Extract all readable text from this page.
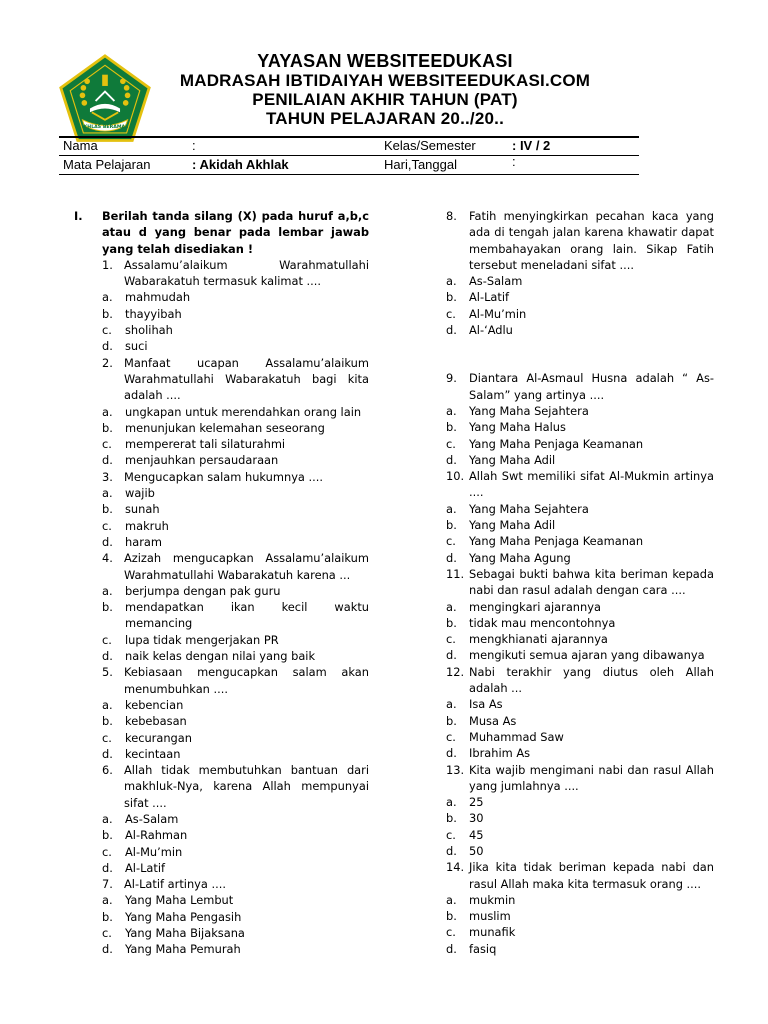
IKHLAS BERAMAL
YAYASAN WEBSITEEDUKASI
MADRASAH IBTIDAIYAH WEBSITEEDUKASI.COM
PENILAIAN AKHIR TAHUN (PAT)
TAHUN PELAJARAN 20../20..
Nama	:	Kelas/Semester	: IV / 2
Mata Pelajaran	: Akidah Akhlak	Hari,Tanggal	:
I. Berilah tanda silang (X) pada huruf a,b,c atau d yang benar pada lembar jawab yang telah disediakan !
1. Assalamu’alaikum Warahmatullahi Wabarakatuh termasuk kalimat ....
a. mahmudah
b. thayyibah
c. sholihah
d. suci
2. Manfaat ucapan Assalamu’alaikum Warahmatullahi Wabarakatuh bagi kita adalah ....
a. ungkapan untuk merendahkan orang lain
b. menunjukan kelemahan seseorang
c. mempererat tali silaturahmi
d. menjauhkan persaudaraan
3. Mengucapkan salam hukumnya ....
a. wajib
b. sunah
c. makruh
d. haram
4. Azizah mengucapkan Assalamu’alaikum Warahmatullahi Wabarakatuh karena ...
a. berjumpa dengan pak guru
b. mendapatkan ikan kecil waktu memancing
c. lupa tidak mengerjakan PR
d. naik kelas dengan nilai yang baik
5. Kebiasaan mengucapkan salam akan menumbuhkan ....
a. kebencian
b. kebebasan
c. kecurangan
d. kecintaan
6. Allah tidak membutuhkan bantuan dari makhluk-Nya, karena Allah mempunyai sifat ....
a. As-Salam
b. Al-Rahman
c. Al-Mu’min
d. Al-Latif
7. Al-Latif artinya ....
a. Yang Maha Lembut
b. Yang Maha Pengasih
c. Yang Maha Bijaksana
d. Yang Maha Pemurah
8. Fatih menyingkirkan pecahan kaca yang ada di tengah jalan karena khawatir dapat membahayakan orang lain. Sikap Fatih tersebut meneladani sifat ....
a. As-Salam
b. Al-Latif
c. Al-Mu’min
d. Al-‘Adlu
9. Diantara Al-Asmaul Husna adalah “ As-Salam” yang artinya ....
a. Yang Maha Sejahtera
b. Yang Maha Halus
c. Yang Maha Penjaga Keamanan
d. Yang Maha Adil
10. Allah Swt memiliki sifat Al-Mukmin artinya ....
a. Yang Maha Sejahtera
b. Yang Maha Adil
c. Yang Maha Penjaga Keamanan
d. Yang Maha Agung
11. Sebagai bukti bahwa kita beriman kepada nabi dan rasul adalah dengan cara ....
a. mengingkari ajarannya
b. tidak mau mencontohnya
c. mengkhianati ajarannya
d. mengikuti semua ajaran yang dibawanya
12. Nabi terakhir yang diutus oleh Allah adalah ...
a. Isa As
b. Musa As
c. Muhammad Saw
d. Ibrahim As
13. Kita wajib mengimani nabi dan rasul Allah yang jumlahnya ....
a. 25
b. 30
c. 45
d. 50
14. Jika kita tidak beriman kepada nabi dan rasul Allah maka kita termasuk orang ....
a. mukmin
b. muslim
c. munafik
d. fasiq
